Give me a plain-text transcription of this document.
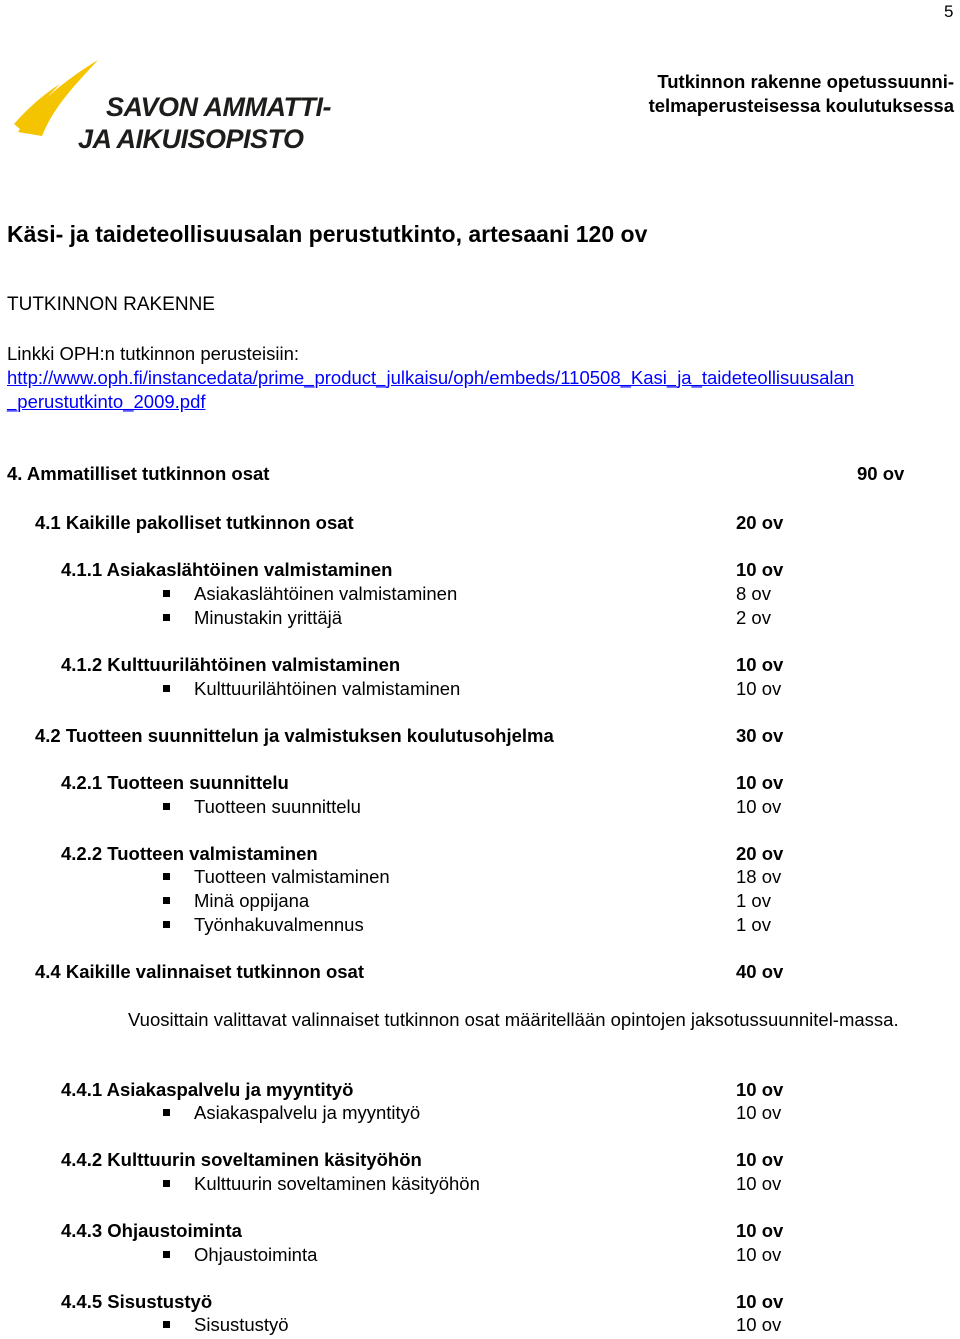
5
SAVON AMMATTI-
JA AIKUISOPISTO
Tutkinnon rakenne opetussuunni-
telmaperusteisessa koulutuksessa
Käsi- ja taideteollisuusalan perustutkinto, artesaani 120 ov
TUTKINNON RAKENNE
Linkki OPH:n tutkinnon perusteisiin:
http://www.oph.fi/instancedata/prime_product_julkaisu/oph/embeds/110508_Kasi_ja_taideteollisuusalan
_perustutkinto_2009.pdf
4. Ammatilliset tutkinnon osat	90 ov
4.1 Kaikille pakolliset tutkinnon osat	20 ov
4.1.1 Asiakaslähtöinen valmistaminen	10 ov
Asiakaslähtöinen valmistaminen	8 ov
Minustakin yrittäjä	2 ov
4.1.2 Kulttuurilähtöinen valmistaminen	10 ov
Kulttuurilähtöinen valmistaminen	10 ov
4.2 Tuotteen suunnittelun ja valmistuksen koulutusohjelma	30 ov
4.2.1 Tuotteen suunnittelu	10 ov
Tuotteen suunnittelu	10 ov
4.2.2 Tuotteen valmistaminen	20 ov
Tuotteen valmistaminen	18 ov
Minä oppijana	1 ov
Työnhakuvalmennus	1 ov
4.4 Kaikille valinnaiset tutkinnon osat	40 ov
Vuosittain valittavat valinnaiset tutkinnon osat määritellään opintojen jaksotussuunnitel-massa.
4.4.1 Asiakaspalvelu ja myyntityö	10 ov
Asiakaspalvelu ja myyntityö	10 ov
4.4.2 Kulttuurin soveltaminen käsityöhön	10 ov
Kulttuurin soveltaminen käsityöhön	10 ov
4.4.3 Ohjaustoiminta	10 ov
Ohjaustoiminta	10 ov
4.4.5 Sisustustyö	10 ov
Sisustustyö	10 ov
